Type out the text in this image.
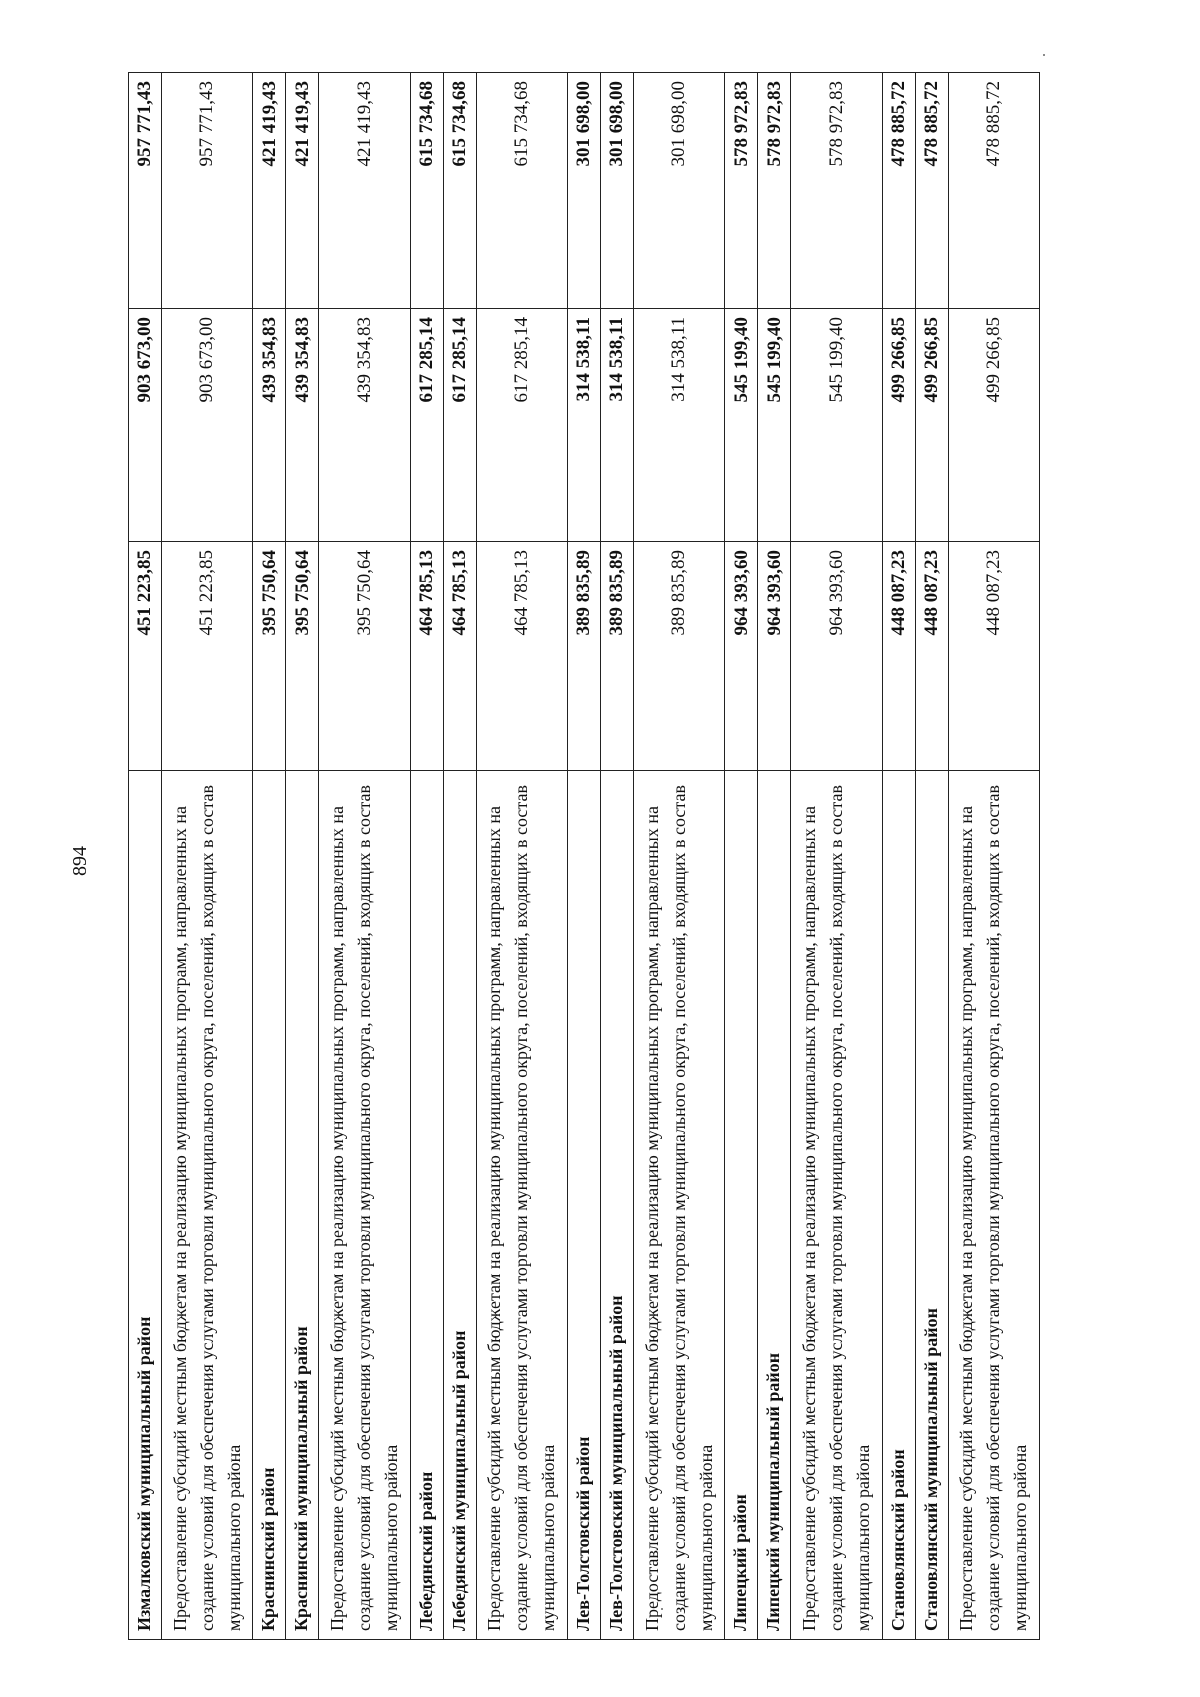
894
Измалковский муниципальный район	451 223,85	903 673,00	957 771,43
Предоставление субсидий местным бюджетам на реализацию муниципальных программ, направленных на создание условий для обеспечения услугами торговли муниципального округа, поселений, входящих в состав муниципального района	451 223,85	903 673,00	957 771,43
Краснинский район	395 750,64	439 354,83	421 419,43
Краснинский муниципальный район	395 750,64	439 354,83	421 419,43
Предоставление субсидий местным бюджетам на реализацию муниципальных программ, направленных на создание условий для обеспечения услугами торговли муниципального округа, поселений, входящих в состав муниципального района	395 750,64	439 354,83	421 419,43
Лебедянский район	464 785,13	617 285,14	615 734,68
Лебедянский муниципальный район	464 785,13	617 285,14	615 734,68
Предоставление субсидий местным бюджетам на реализацию муниципальных программ, направленных на создание условий для обеспечения услугами торговли муниципального округа, поселений, входящих в состав муниципального района	464 785,13	617 285,14	615 734,68
Лев-Толстовский район	389 835,89	314 538,11	301 698,00
Лев-Толстовский муниципальный район	389 835,89	314 538,11	301 698,00
Предоставление субсидий местным бюджетам на реализацию муниципальных программ, направленных на создание условий для обеспечения услугами торговли муниципального округа, поселений, входящих в состав муниципального района	389 835,89	314 538,11	301 698,00
Липецкий район	964 393,60	545 199,40	578 972,83
Липецкий муниципальный район	964 393,60	545 199,40	578 972,83
Предоставление субсидий местным бюджетам на реализацию муниципальных программ, направленных на создание условий для обеспечения услугами торговли муниципального округа, поселений, входящих в состав муниципального района	964 393,60	545 199,40	578 972,83
Становлянский район	448 087,23	499 266,85	478 885,72
Становлянский муниципальный район	448 087,23	499 266,85	478 885,72
Предоставление субсидий местным бюджетам на реализацию муниципальных программ, направленных на создание условий для обеспечения услугами торговли муниципального округа, поселений, входящих в состав муниципального района	448 087,23	499 266,85	478 885,72
